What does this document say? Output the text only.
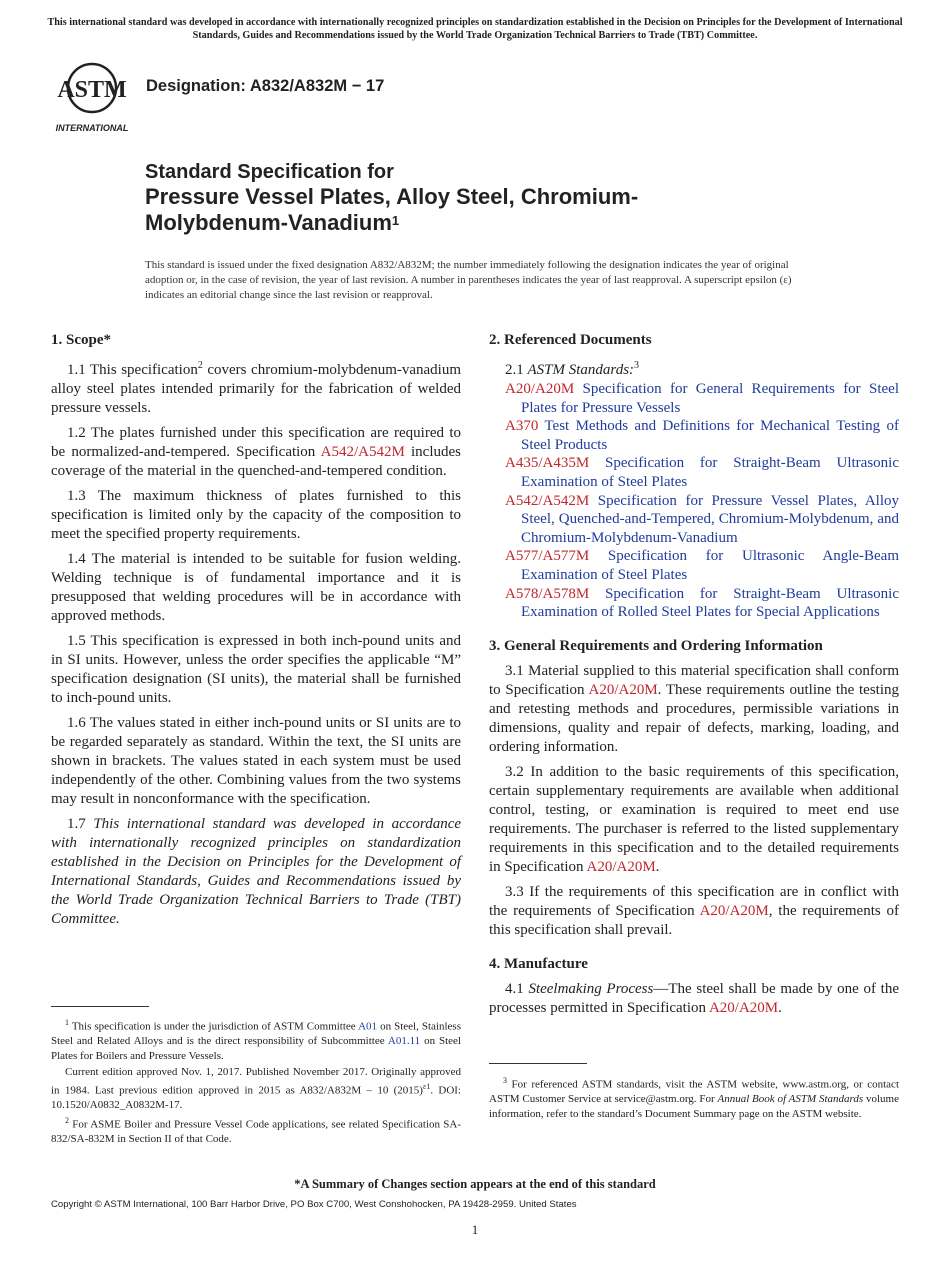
This international standard was developed in accordance with internationally recognized principles on standardization established in the Decision on Principles for the Development of International Standards, Guides and Recommendations issued by the World Trade Organization Technical Barriers to Trade (TBT) Committee.
ASTM
INTERNATIONAL
Designation: A832/A832M − 17
Standard Specification for
Pressure Vessel Plates, Alloy Steel, Chromium-
Molybdenum-Vanadium$^1$
This standard is issued under the fixed designation A832/A832M; the number immediately following the designation indicates the year of original adoption or, in the case of revision, the year of last revision. A number in parentheses indicates the year of last reapproval. A superscript epsilon (ε) indicates an editorial change since the last revision or reapproval.
1. Scope*

1.1 This specification$^2$ covers chromium-molybdenum-vanadium alloy steel plates intended primarily for the fabrication of welded pressure vessels.

1.2 The plates furnished under this specification are required to be normalized-and-tempered. Specification A542/A542M includes coverage of the material in the quenched-and-tempered condition.

1.3 The maximum thickness of plates furnished to this specification is limited only by the capacity of the composition to meet the specified property requirements.

1.4 The material is intended to be suitable for fusion welding. Welding technique is of fundamental importance and it is presupposed that welding procedures will be in accordance with approved methods.

1.5 This specification is expressed in both inch-pound units and in SI units. However, unless the order specifies the applicable “M” specification designation (SI units), the material shall be furnished to inch-pound units.

1.6 The values stated in either inch-pound units or SI units are to be regarded separately as standard. Within the text, the SI units are shown in brackets. The values stated in each system must be used independently of the other. Combining values from the two systems may result in nonconformance with the specification.

1.7 This international standard was developed in accordance with internationally recognized principles on standardization established in the Decision on Principles for the Development of International Standards, Guides and Recommendations issued by the World Trade Organization Technical Barriers to Trade (TBT) Committee.

2. Referenced Documents
2.1 ASTM Standards:$^3$
A20/A20M Specification for General Requirements for Steel Plates for Pressure Vessels
A370 Test Methods and Definitions for Mechanical Testing of Steel Products
A435/A435M Specification for Straight-Beam Ultrasonic Examination of Steel Plates
A542/A542M Specification for Pressure Vessel Plates, Alloy Steel, Quenched-and-Tempered, Chromium-Molybdenum, and Chromium-Molybdenum-Vanadium
A577/A577M Specification for Ultrasonic Angle-Beam Examination of Steel Plates
A578/A578M Specification for Straight-Beam Ultrasonic Examination of Rolled Steel Plates for Special Applications
3. General Requirements and Ordering Information

3.1 Material supplied to this material specification shall conform to Specification A20/A20M. These requirements outline the testing and retesting methods and procedures, permissible variations in dimensions, quality and repair of defects, marking, loading, and ordering information.

3.2 In addition to the basic requirements of this specification, certain supplementary requirements are available when additional control, testing, or examination is required to meet end use requirements. The purchaser is referred to the listed supplementary requirements in this specification and to the detailed requirements in Specification A20/A20M.

3.3 If the requirements of this specification are in conflict with the requirements of Specification A20/A20M, the requirements of this specification shall prevail.

4. Manufacture

4.1 Steelmaking Process—The steel shall be made by one of the processes permitted in Specification A20/A20M.

$^1$ This specification is under the jurisdiction of ASTM Committee A01 on Steel, Stainless Steel and Related Alloys and is the direct responsibility of Subcommittee A01.11 on Steel Plates for Boilers and Pressure Vessels.

Current edition approved Nov. 1, 2017. Published November 2017. Originally approved in 1984. Last previous edition approved in 2015 as A832/A832M – 10 $(2015)^{\varepsilon 1}$. DOI: 10.1520/A0832_A0832M-17.

$^2$ For ASME Boiler and Pressure Vessel Code applications, see related Specification SA-832/SA-832M in Section II of that Code.

$^3$ For referenced ASTM standards, visit the ASTM website, www.astm.org, or contact ASTM Customer Service at service@astm.org. For Annual Book of ASTM Standards volume information, refer to the standard’s Document Summary page on the ASTM website.

*A Summary of Changes section appears at the end of this standard
Copyright © ASTM International, 100 Barr Harbor Drive, PO Box C700, West Conshohocken, PA 19428-2959. United States
1
